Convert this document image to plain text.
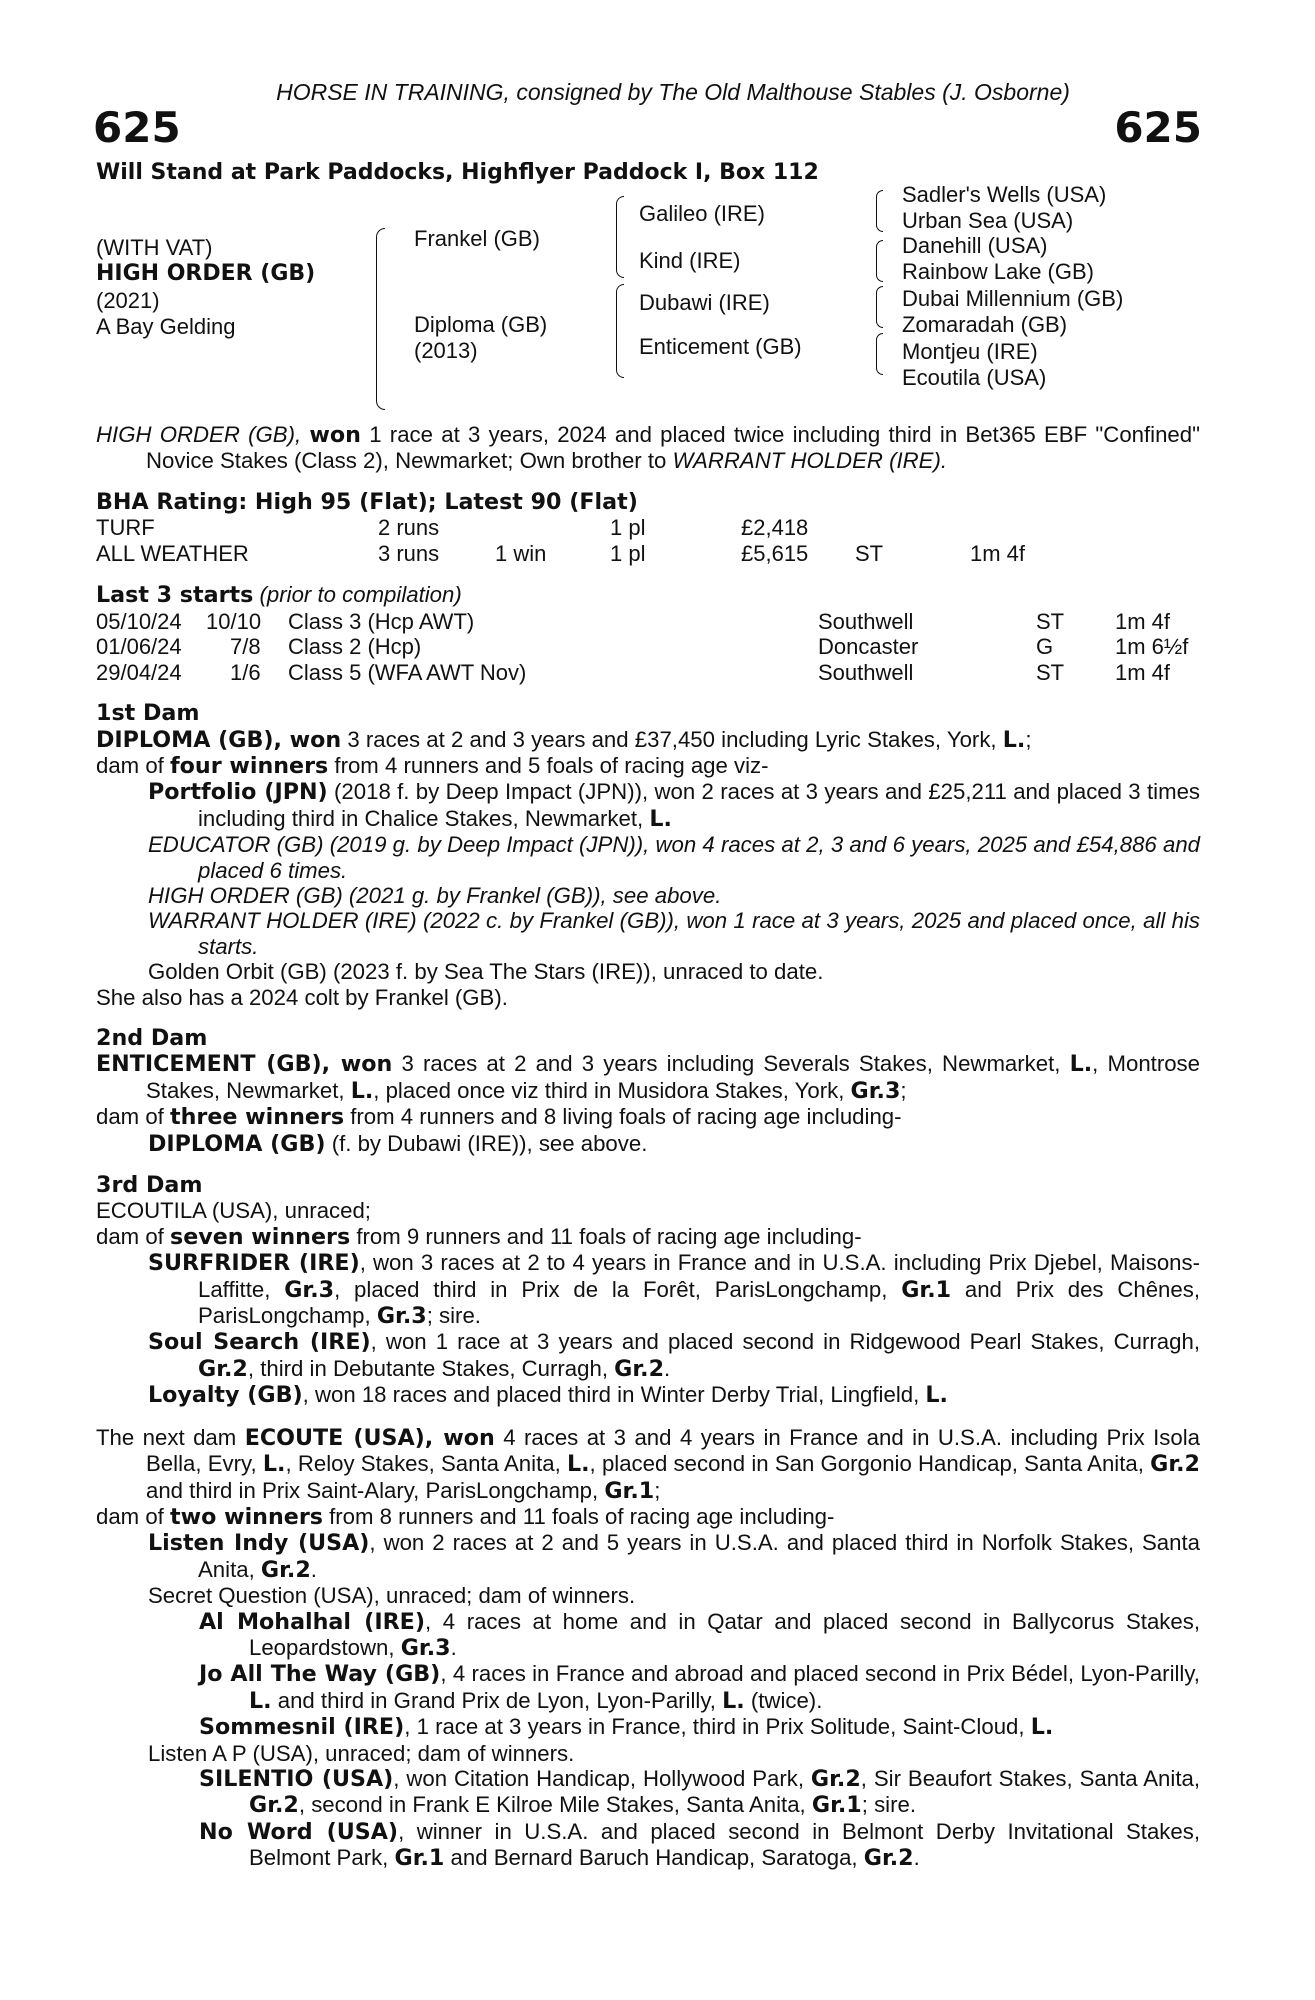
HORSE IN TRAINING, consigned by The Old Malthouse Stables (J. Osborne)
625	625
Will Stand at Park Paddocks, Highflyer Paddock I, Box 112
(WITH VAT)
HIGH ORDER (GB)
(2021)
A Bay Gelding
Frankel (GB)
Diploma (GB)
(2013)
Galileo (IRE)
Kind (IRE)
Dubawi (IRE)
Enticement (GB)
Sadler's Wells (USA)
Urban Sea (USA)
Danehill (USA)
Rainbow Lake (GB)
Dubai Millennium (GB)
Zomaradah (GB)
Montjeu (IRE)
Ecoutila (USA)

HIGH ORDER (GB), won 1 race at 3 years, 2024 and placed twice including third in Bet365 EBF "Confined" Novice Stakes (Class 2), Newmarket; Own brother to WARRANT HOLDER (IRE).

BHA Rating: High 95 (Flat); Latest 90 (Flat)

TURF	2 runs	1 pl	£2,418
ALL WEATHER	3 runs	1 win	1 pl	£5,615 ST	1m 4f

Last 3 starts (prior to compilation)

05/10/24 10/10 Class 3 (Hcp AWT)	Southwell	ST 1m 4f
01/06/24 7/8 Class 2 (Hcp)	Doncaster	G	1m 6½f
29/04/24 1/6 Class 5 (WFA AWT Nov)	Southwell	ST 1m 4f

1st Dam

DIPLOMA (GB), won 3 races at 2 and 3 years and £37,450 including Lyric Stakes, York, L.;

dam of four winners from 4 runners and 5 foals of racing age viz-

Portfolio (JPN) (2018 f. by Deep Impact (JPN)), won 2 races at 3 years and £25,211 and placed 3 times including third in Chalice Stakes, Newmarket, L.

EDUCATOR (GB) (2019 g. by Deep Impact (JPN)), won 4 races at 2, 3 and 6 years, 2025 and £54,886 and placed 6 times.

HIGH ORDER (GB) (2021 g. by Frankel (GB)), see above.

WARRANT HOLDER (IRE) (2022 c. by Frankel (GB)), won 1 race at 3 years, 2025 and placed once, all his starts.

Golden Orbit (GB) (2023 f. by Sea The Stars (IRE)), unraced to date.

She also has a 2024 colt by Frankel (GB).

2nd Dam

ENTICEMENT (GB), won 3 races at 2 and 3 years including Severals Stakes, Newmarket, L., Montrose Stakes, Newmarket, L., placed once viz third in Musidora Stakes, York, Gr.3;

dam of three winners from 4 runners and 8 living foals of racing age including-

DIPLOMA (GB) (f. by Dubawi (IRE)), see above.

3rd Dam

ECOUTILA (USA), unraced;

dam of seven winners from 9 runners and 11 foals of racing age including-

SURFRIDER (IRE), won 3 races at 2 to 4 years in France and in U.S.A. including Prix Djebel, Maisons-Laffitte, Gr.3, placed third in Prix de la Forêt, ParisLongchamp, Gr.1 and Prix des Chênes, ParisLongchamp, Gr.3; sire.

Soul Search (IRE), won 1 race at 3 years and placed second in Ridgewood Pearl Stakes, Curragh, Gr.2, third in Debutante Stakes, Curragh, Gr.2.

Loyalty (GB), won 18 races and placed third in Winter Derby Trial, Lingfield, L.

The next dam ECOUTE (USA), won 4 races at 3 and 4 years in France and in U.S.A. including Prix Isola Bella, Evry, L., Reloy Stakes, Santa Anita, L., placed second in San Gorgonio Handicap, Santa Anita, Gr.2 and third in Prix Saint-Alary, ParisLongchamp, Gr.1;

dam of two winners from 8 runners and 11 foals of racing age including-

Listen Indy (USA), won 2 races at 2 and 5 years in U.S.A. and placed third in Norfolk Stakes, Santa Anita, Gr.2.

Secret Question (USA), unraced; dam of winners.

Al Mohalhal (IRE), 4 races at home and in Qatar and placed second in Ballycorus Stakes, Leopardstown, Gr.3.

Jo All The Way (GB), 4 races in France and abroad and placed second in Prix Bédel, Lyon-Parilly, L. and third in Grand Prix de Lyon, Lyon-Parilly, L. (twice).

Sommesnil (IRE), 1 race at 3 years in France, third in Prix Solitude, Saint-Cloud, L.

Listen A P (USA), unraced; dam of winners.

SILENTIO (USA), won Citation Handicap, Hollywood Park, Gr.2, Sir Beaufort Stakes, Santa Anita, Gr.2, second in Frank E Kilroe Mile Stakes, Santa Anita, Gr.1; sire.

No Word (USA), winner in U.S.A. and placed second in Belmont Derby Invitational Stakes, Belmont Park, Gr.1 and Bernard Baruch Handicap, Saratoga, Gr.2.
